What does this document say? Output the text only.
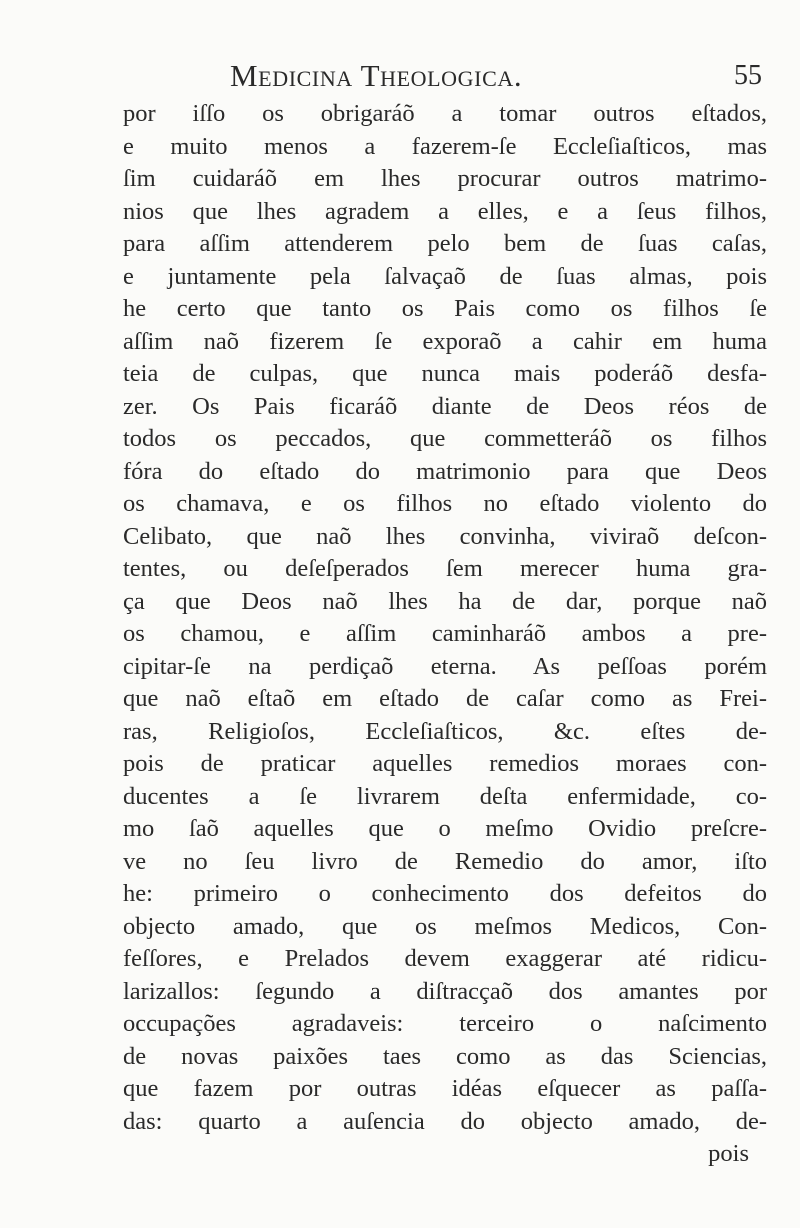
Medicina Theologica.	55
por iſſo os obrigaráõ a tomar outros eſtados,
e muito menos a fazerem-ſe Eccleſiaſticos, mas
ſim cuidaráõ em lhes procurar outros matrimo-
nios que lhes agradem a elles, e a ſeus filhos,
para aſſim attenderem pelo bem de ſuas caſas,
e juntamente pela ſalvaçaõ de ſuas almas, pois
he certo que tanto os Pais como os filhos ſe
aſſim naõ fizerem ſe exporaõ a cahir em huma
teia de culpas, que nunca mais poderáõ desfa-
zer. Os Pais ficaráõ diante de Deos réos de
todos os peccados, que commetteráõ os filhos
fóra do eſtado do matrimonio para que Deos
os chamava, e os filhos no eſtado violento do
Celibato, que naõ lhes convinha, viviraõ deſcon-
tentes, ou deſeſperados ſem merecer huma gra-
ça que Deos naõ lhes ha de dar, porque naõ
os chamou, e aſſim caminharáõ ambos a pre-
cipitar-ſe na perdiçaõ eterna. As peſſoas porém
que naõ eſtaõ em eſtado de caſar como as Frei-
ras, Religioſos, Eccleſiaſticos, &c. eſtes de-
pois de praticar aquelles remedios moraes con-
ducentes a ſe livrarem deſta enfermidade, co-
mo ſaõ aquelles que o meſmo Ovidio preſcre-
ve no ſeu livro de Remedio do amor, iſto
he: primeiro o conhecimento dos defeitos do
objecto amado, que os meſmos Medicos, Con-
feſſores, e Prelados devem exaggerar até ridicu-
larizallos: ſegundo a diſtracçaõ dos amantes por
occupações agradaveis: terceiro o naſcimento
de novas paixões taes como as das Sciencias,
que fazem por outras idéas eſquecer as paſſa-
das: quarto a auſencia do objecto amado, de-
pois
